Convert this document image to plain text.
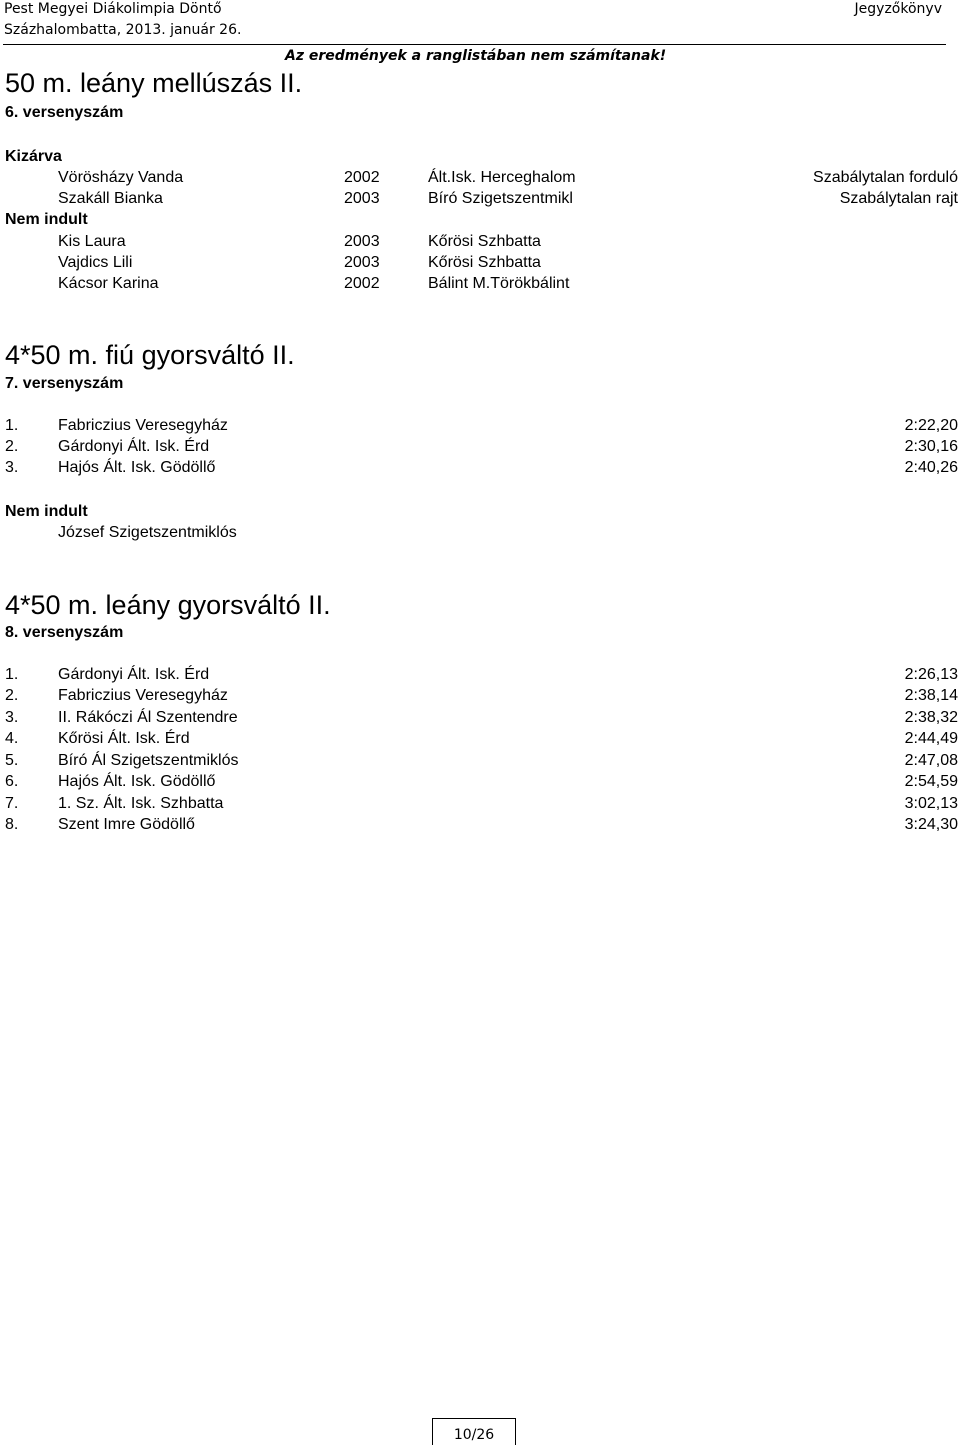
Pest Megyei Diákolimpia Döntő
Százhalombatta, 2013. január 26.
Jegyzőkönyv
Az eredmények a ranglistában nem számítanak!
50 m. leány mellúszás II.
6. versenyszám
Kizárva
Vörösházy Vanda	2002	Ált.Isk. Herceghalom	Szabálytalan forduló
Szakáll Bianka	2003	Bíró Szigetszentmikl	Szabálytalan rajt
Nem indult
Kis Laura	2003	Kőrösi Szhbatta
Vajdics Lili	2003	Kőrösi Szhbatta
Kácsor Karina	2002	Bálint M.Törökbálint
4*50 m. fiú gyorsváltó II.
7. versenyszám
1. Fabriczius Veresegyház	2:22,20
2. Gárdonyi Ált. Isk. Érd	2:30,16
3. Hajós Ált. Isk. Gödöllő	2:40,26
Nem indult
József Szigetszentmiklós
4*50 m. leány gyorsváltó II.
8. versenyszám
1. Gárdonyi Ált. Isk. Érd	2:26,13
2. Fabriczius Veresegyház	2:38,14
3. II. Rákóczi Ál Szentendre	2:38,32
4. Kőrösi Ált. Isk. Érd	2:44,49
5. Bíró Ál Szigetszentmiklós	2:47,08
6. Hajós Ált. Isk. Gödöllő	2:54,59
7. 1. Sz. Ált. Isk. Szhbatta	3:02,13
8. Szent Imre Gödöllő	3:24,30
10/26
